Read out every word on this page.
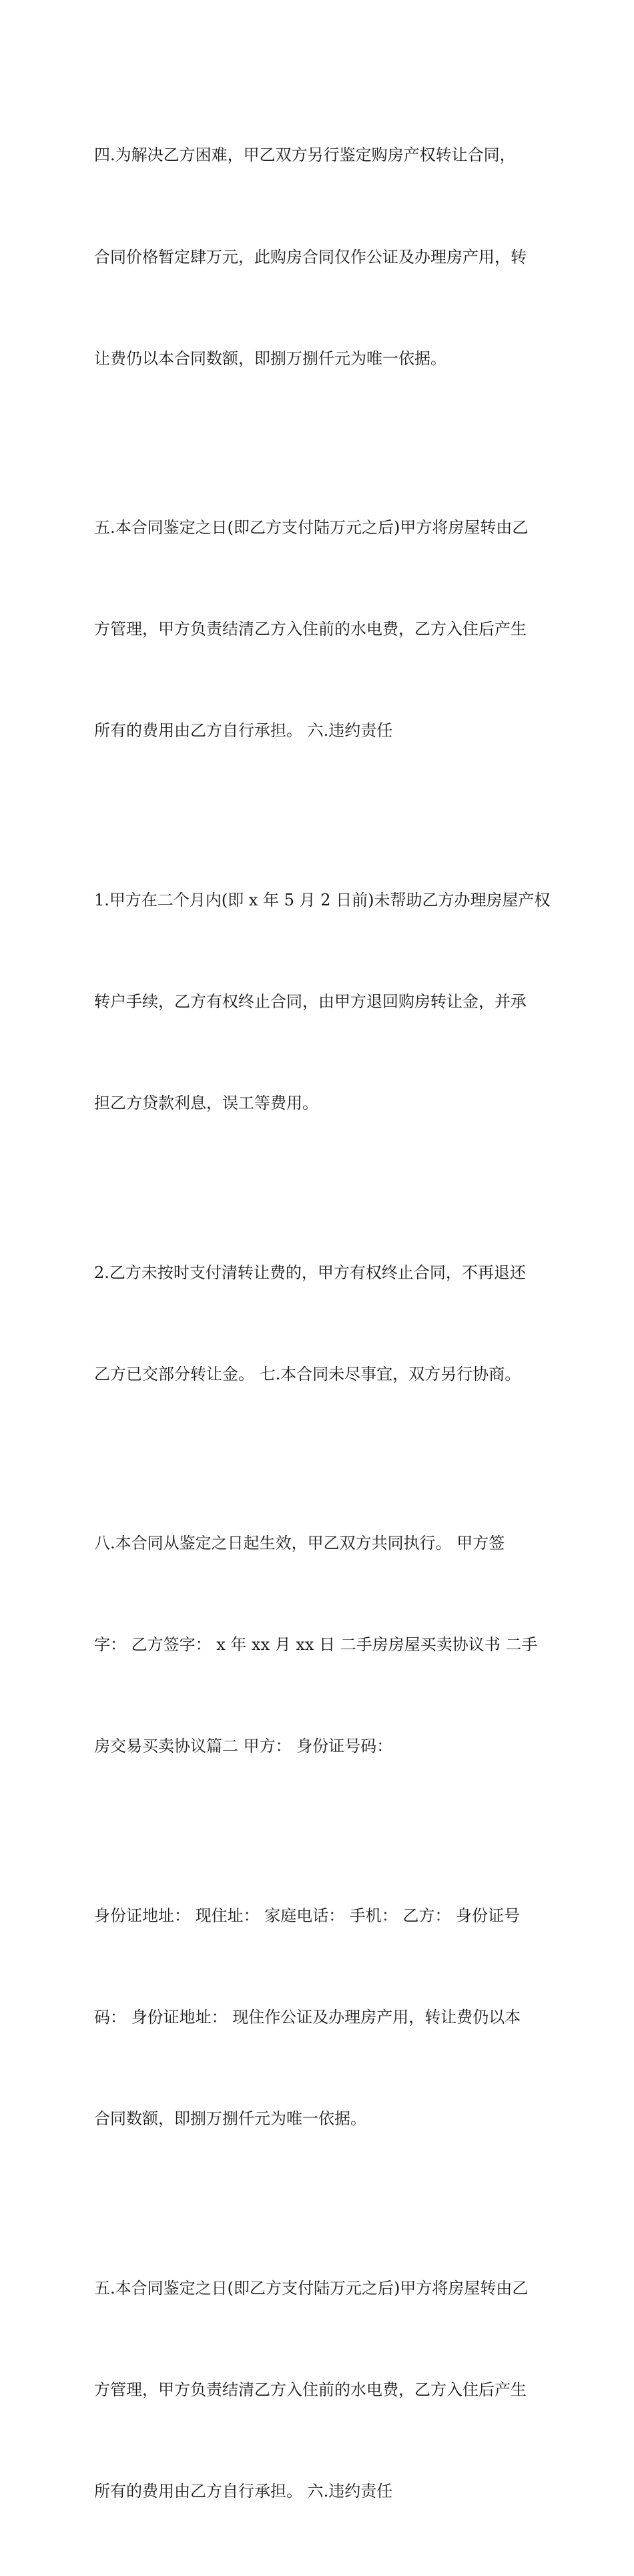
四.为解决乙方困难，甲乙双方另行鉴定购房产权转让合同，

合同价格暂定肆万元，此购房合同仅作公证及办理房产用，转

让费仍以本合同数额，即捌万捌仟元为唯一依据。

五.本合同鉴定之日(即乙方支付陆万元之后)甲方将房屋转由乙

方管理，甲方负责结清乙方入住前的水电费，乙方入住后产生

所有的费用由乙方自行承担。 六.违约责任

1.甲方在二个月内(即 x 年 5 月 2 日前)未帮助乙方办理房屋产权

转户手续，乙方有权终止合同，由甲方退回购房转让金，并承

担乙方贷款利息，误工等费用。

2.乙方未按时支付清转让费的，甲方有权终止合同，不再退还

乙方已交部分转让金。 七.本合同未尽事宜，双方另行协商。

八.本合同从鉴定之日起生效，甲乙双方共同执行。 甲方签

字： 乙方签字： x 年 xx 月 xx 日 二手房房屋买卖协议书 二手

房交易买卖协议篇二 甲方： 身份证号码：

身份证地址： 现住址： 家庭电话： 手机： 乙方： 身份证号

码： 身份证地址： 现住作公证及办理房产用，转让费仍以本

合同数额，即捌万捌仟元为唯一依据。

五.本合同鉴定之日(即乙方支付陆万元之后)甲方将房屋转由乙

方管理，甲方负责结清乙方入住前的水电费，乙方入住后产生

所有的费用由乙方自行承担。 六.违约责任
